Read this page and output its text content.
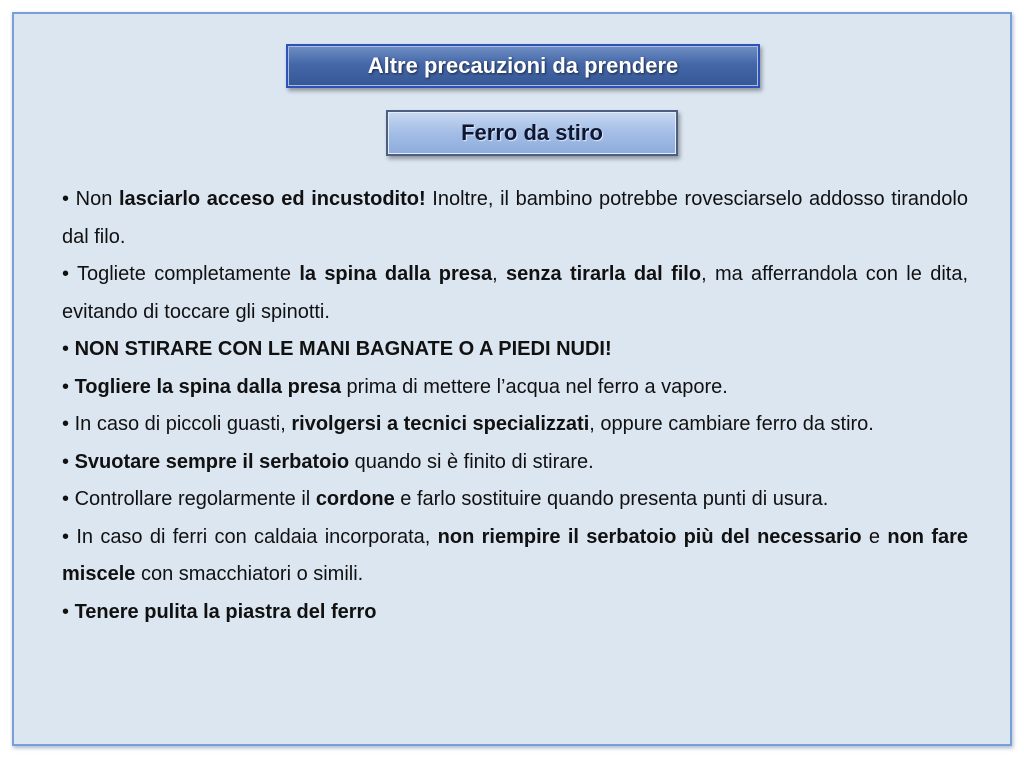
Altre precauzioni da prendere
Ferro da stiro

• Non lasciarlo acceso ed incustodito! Inoltre, il bambino potrebbe rovesciarselo addosso tirandolo dal filo.

• Togliete completamente la spina dalla presa, senza tirarla dal filo, ma afferrandola con le dita, evitando di toccare gli spinotti.

• NON STIRARE CON LE MANI BAGNATE O A PIEDI NUDI!

• Togliere la spina dalla presa prima di mettere l’acqua nel ferro a vapore.

• In caso di piccoli guasti, rivolgersi a tecnici specializzati, oppure cambiare ferro da stiro.

• Svuotare sempre il serbatoio quando si è finito di stirare.

• Controllare regolarmente il cordone e farlo sostituire quando presenta punti di usura.

• In caso di ferri con caldaia incorporata, non riempire il serbatoio più del necessario e non fare miscele con smacchiatori o simili.

• Tenere pulita la piastra del ferro
